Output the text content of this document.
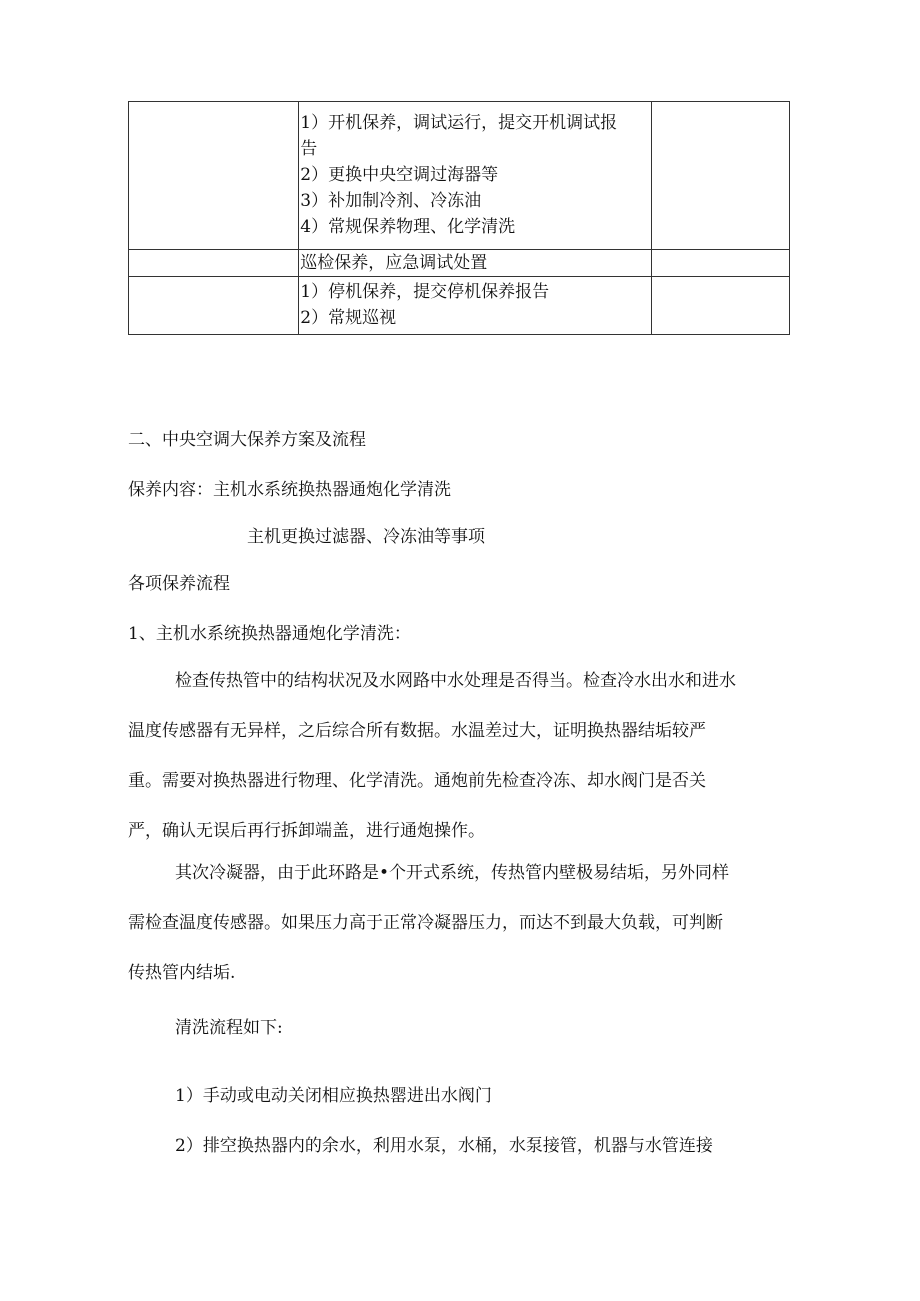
	1）开机保养，调试运行，提交开机调试报
告
2）更换中央空调过海器等
3）补加制冷剂、冷冻油
4）常规保养物理、化学清洗	

	巡检保养，应急调试处置	

	1）停机保养，提交停机保养报告
2）常规巡视	

二、中央空调大保养方案及流程

保养内容：主机水系统换热器通炮化学清洗

主机更换过滤器、冷冻油等事项

各项保养流程

1、主机水系统换热器通炮化学清洗：

检查传热管中的结构状况及水网路中水处理是否得当。检查冷水出水和进水
温度传感器有无异样，之后综合所有数据。水温差过大，证明换热器结垢较严
重。需要对换热器进行物理、化学清洗。通炮前先检查冷冻、却水阀门是否关
严，确认无误后再行拆卸端盖，进行通炮操作。
其次冷凝器，由于此环路是•个开式系统，传热管内壁极易结垢，另外同样
需检查温度传感器。如果压力高于正常冷凝器压力，而达不到最大负载，可判断
传热管内结垢.

清洗流程如下:

1）手动或电动关闭相应换热罂进出水阀门

2）排空换热器内的余水，利用水泵，水桶，水泵接管，机器与水管连接
